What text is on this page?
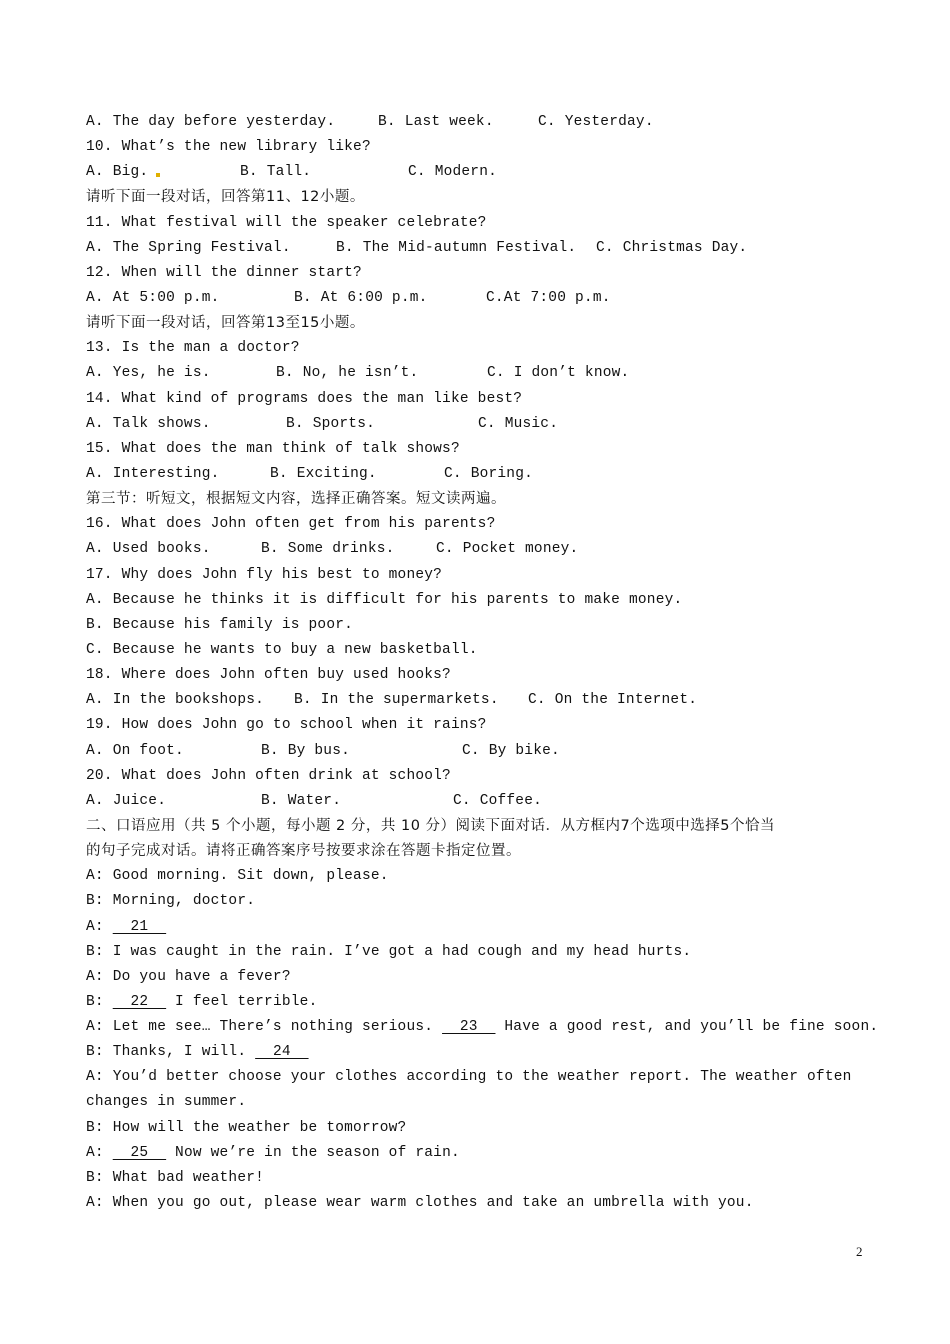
A. The day before yesterday.	B. Last week.	C. Yesterday.
10. What’s the new library like?
A. Big.	B. Tall.	C. Modern.
请听下面一段对话，回答第11、12小题。
11. What festival will the speaker celebrate?
A. The Spring Festival.	B. The Mid-autumn Festival. C. Christmas Day.
12. When will the dinner start?
A. At 5:00 p.m.	B. At 6:00 p.m.	C.At 7:00 p.m.
请听下面一段对话，回答第13至15小题。
13. Is the man a doctor?
A. Yes, he is.	B. No, he isn’t.	C. I don’t know.
14. What kind of programs does the man like best?
A. Talk shows.	B. Sports.	C. Music.
15. What does the man think of talk shows?
A. Interesting.	B. Exciting.	C. Boring.
第三节：听短文，根据短文内容，选择正确答案。短文读两遍。
16. What does John often get from his parents?
A. Used books.	B. Some drinks.	C. Pocket money.
17. Why does John fly his best to money?
A. Because he thinks it is difficult for his parents to make money.
B. Because his family is poor.
C. Because he wants to buy a new basketball.
18. Where does John often buy used hooks?
A. In the bookshops. B. In the supermarkets. C. On the Internet.
19. How does John go to school when it rains?
A. On foot.	B. By bus.	C. By bike.
20. What does John often drink at school?
A. Juice.	B. Water.	C. Coffee.
二、口语应用（共 5 个小题，每小题 2 分，共 10 分）阅读下面对话．从方框内7个选项中选择5个恰当
的句子完成对话。请将正确答案序号按要求涂在答题卡指定位置。
A: Good morning. Sit down, please.
B: Morning, doctor.
A:   21
B: I was caught in the rain. I’ve got a had cough and my head hurts.
A: Do you have a fever?
B:   22   I feel terrible.
A: Let me see… There’s nothing serious.   23   Have a good rest, and you’ll be fine soon.
B: Thanks, I will.   24
A: You’d better choose your clothes according to the weather report. The weather often
changes in summer.
B: How will the weather be tomorrow?
A:   25   Now we’re in the season of rain.
B: What bad weather!
A: When you go out, please wear warm clothes and take an umbrella with you.
2
